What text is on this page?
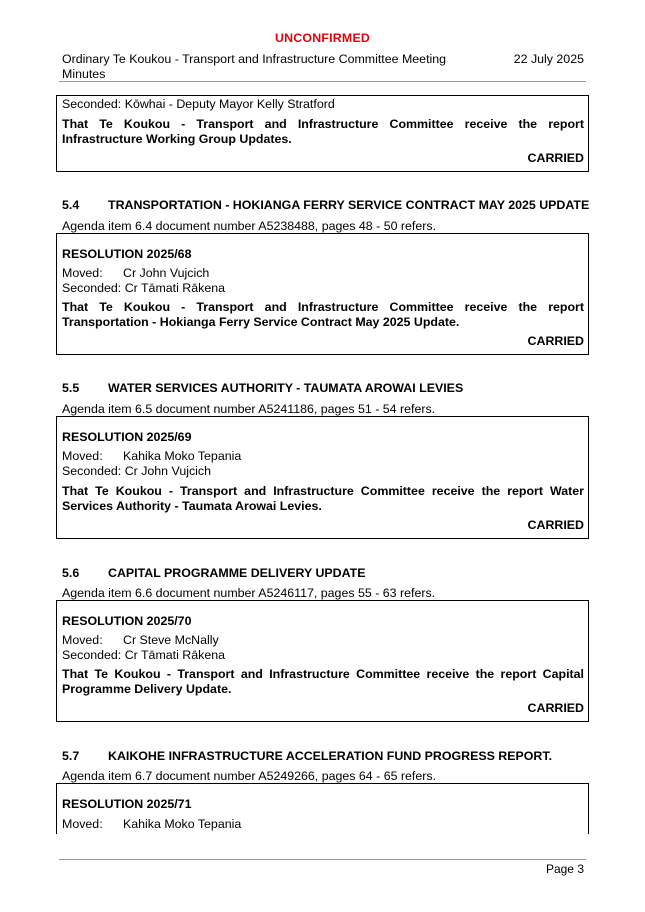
UNCONFIRMED
Ordinary Te Koukou - Transport and Infrastructure Committee Meeting Minutes
22 July 2025
Seconded: Kōwhai - Deputy Mayor Kelly Stratford
That Te Koukou - Transport and Infrastructure Committee receive the report Infrastructure Working Group Updates.
CARRIED
5.4 TRANSPORTATION - HOKIANGA FERRY SERVICE CONTRACT MAY 2025 UPDATE
Agenda item 6.4 document number A5238488, pages 48 - 50 refers.
RESOLUTION 2025/68
Moved: Cr John Vujcich
Seconded: Cr Tāmati Rākena
That Te Koukou - Transport and Infrastructure Committee receive the report Transportation - Hokianga Ferry Service Contract May 2025 Update.
CARRIED
5.5 WATER SERVICES AUTHORITY - TAUMATA AROWAI LEVIES
Agenda item 6.5 document number A5241186, pages 51 - 54 refers.
RESOLUTION 2025/69
Moved: Kahika Moko Tepania
Seconded: Cr John Vujcich
That Te Koukou - Transport and Infrastructure Committee receive the report Water Services Authority - Taumata Arowai Levies.
CARRIED
5.6 CAPITAL PROGRAMME DELIVERY UPDATE
Agenda item 6.6 document number A5246117, pages 55 - 63 refers.
RESOLUTION 2025/70
Moved: Cr Steve McNally
Seconded: Cr Tāmati Rākena
That Te Koukou - Transport and Infrastructure Committee receive the report Capital Programme Delivery Update.
CARRIED
5.7 KAIKOHE INFRASTRUCTURE ACCELERATION FUND PROGRESS REPORT.
Agenda item 6.7 document number A5249266, pages 64 - 65 refers.
RESOLUTION 2025/71
Moved: Kahika Moko Tepania
Page 3
